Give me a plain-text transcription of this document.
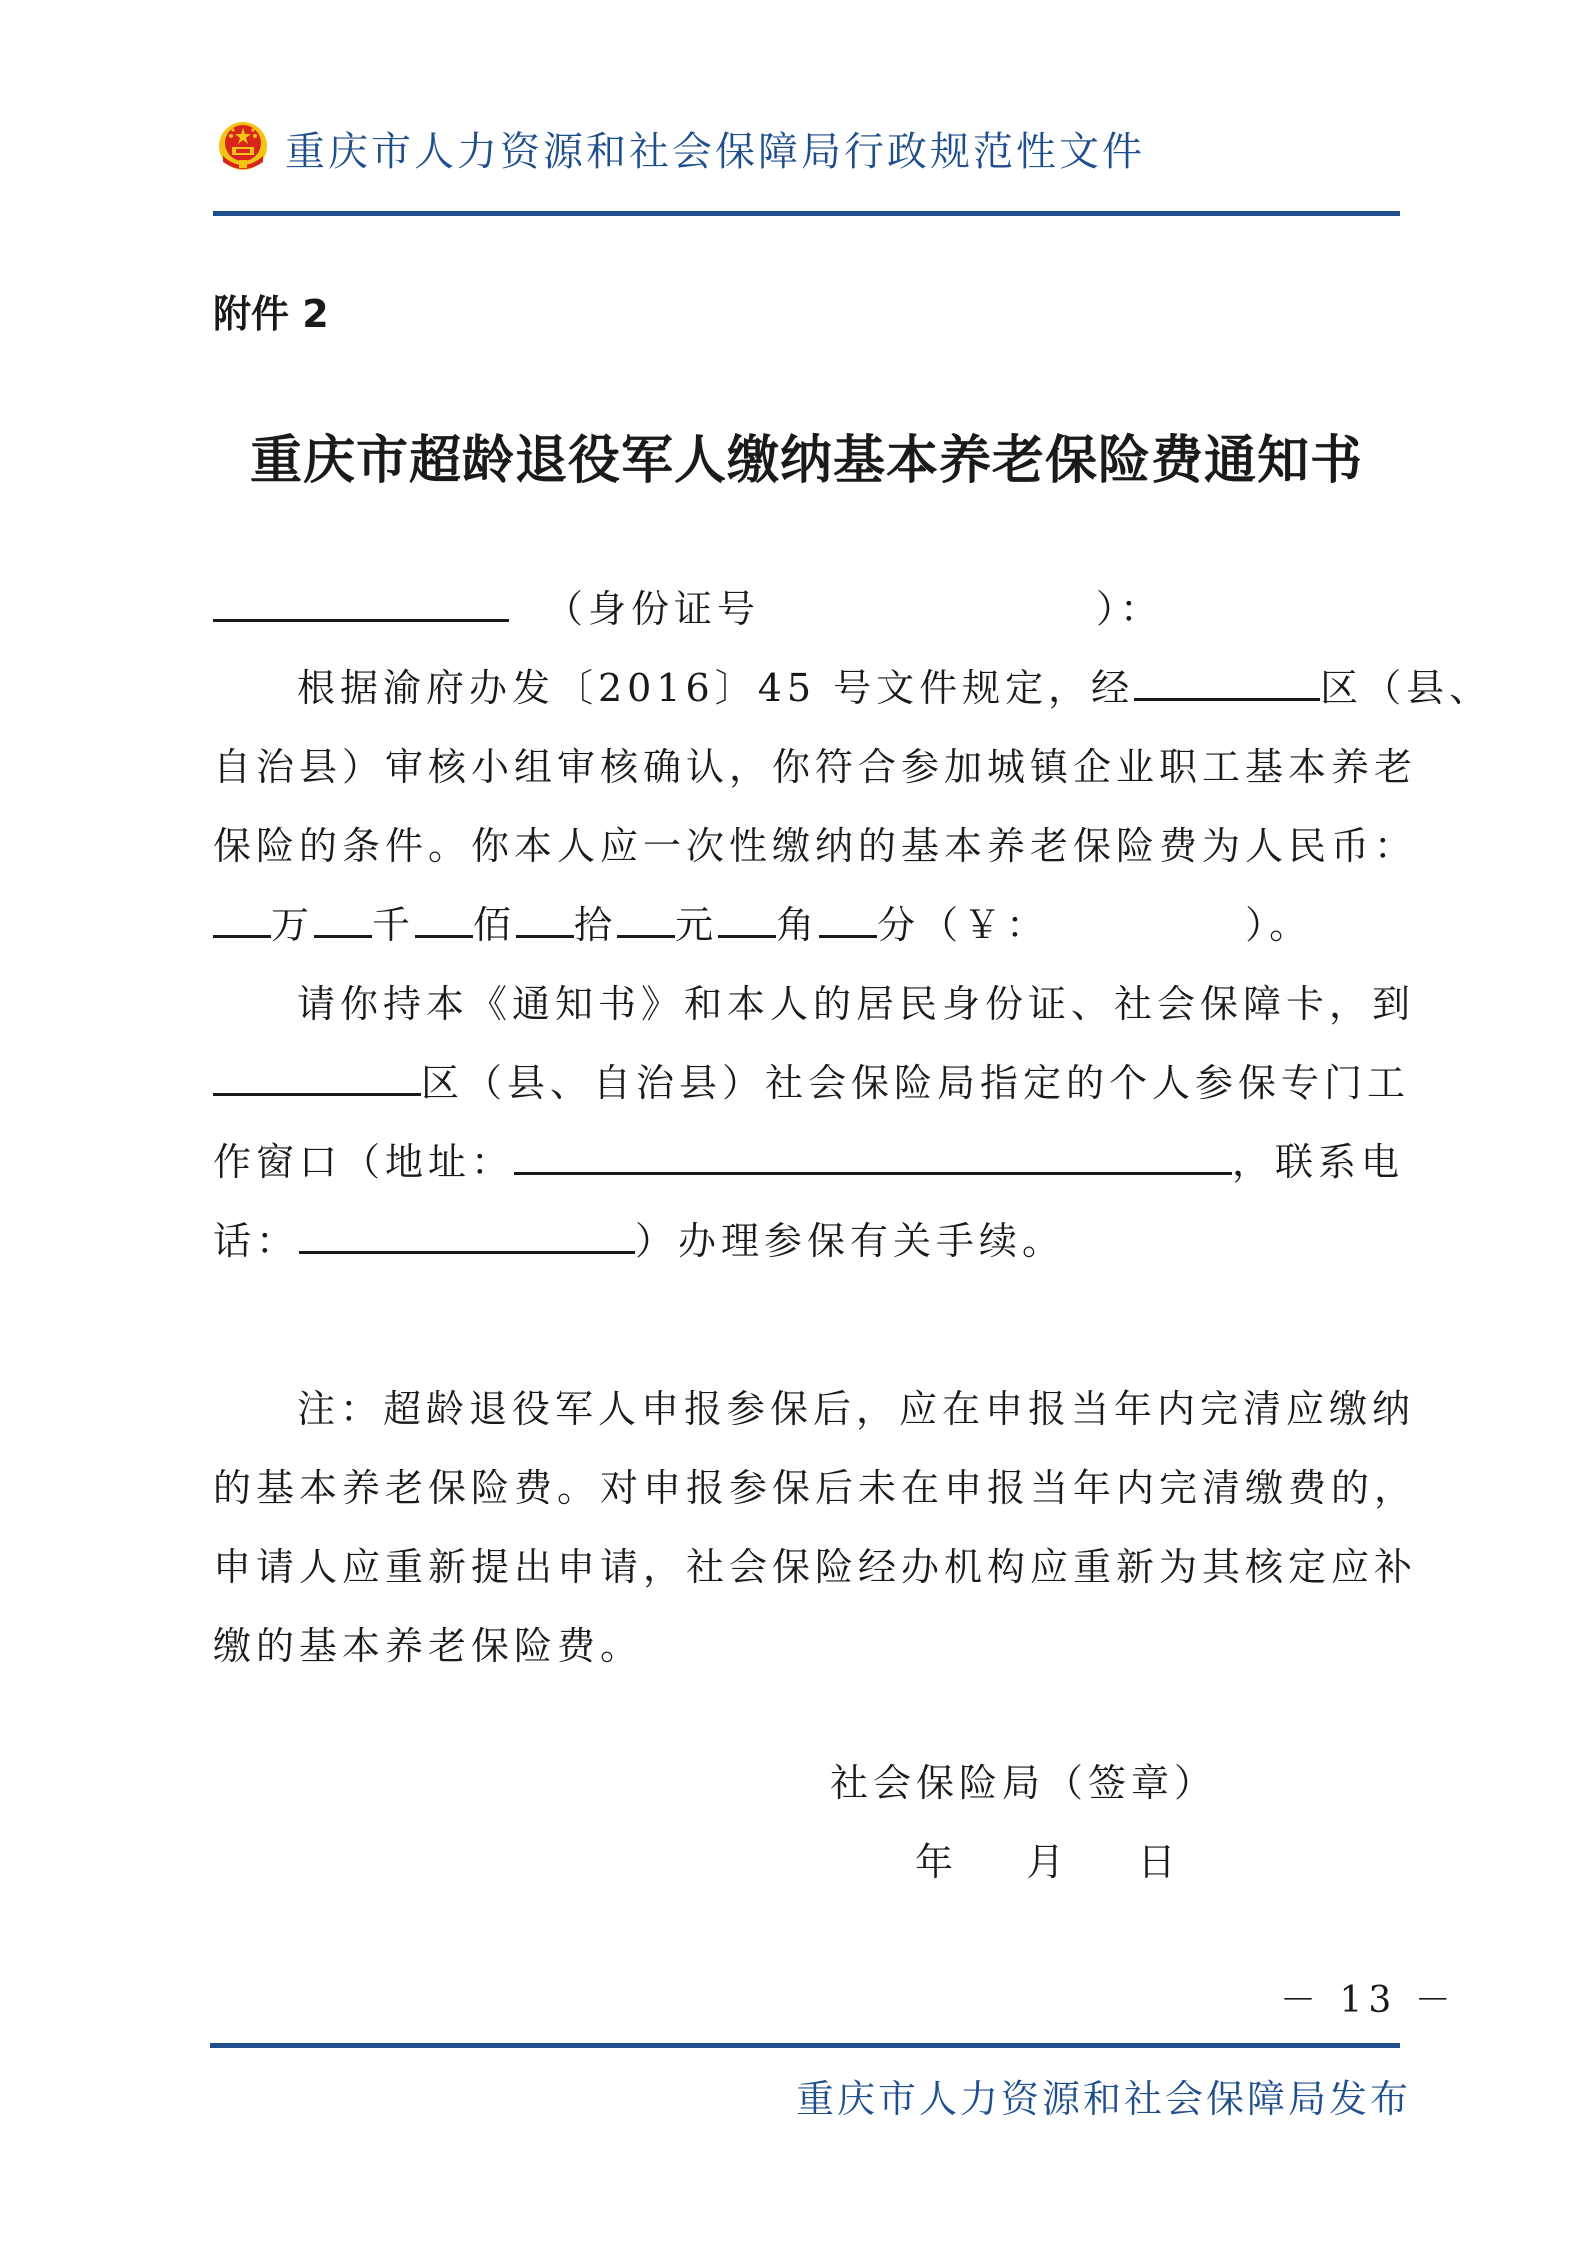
重庆市人力资源和社会保障局行政规范性文件
附件 2
重庆市超龄退役军人缴纳基本养老保险费通知书
（身份证号	）：
根据渝府办发〔2016〕45 号文件规定，经	区（县、
自治县）审核小组审核确认，你符合参加城镇企业职工基本养老
保险的条件。你本人应一次性缴纳的基本养老保险费为人民币：
万 千 佰 拾 元 角 分（￥：	）。
请你持本《通知书》和本人的居民身份证、社会保障卡，到
区（县、自治县）社会保险局指定的个人参保专门工
作窗口（地址：	，联系电
话：	）办理参保有关手续。
注：超龄退役军人申报参保后，应在申报当年内完清应缴纳
的基本养老保险费。对申报参保后未在申报当年内完清缴费的，
申请人应重新提出申请，社会保险经办机构应重新为其核定应补
缴的基本养老保险费。
社会保险局（签章）
年    月    日
－ 13 －
重庆市人力资源和社会保障局发布
